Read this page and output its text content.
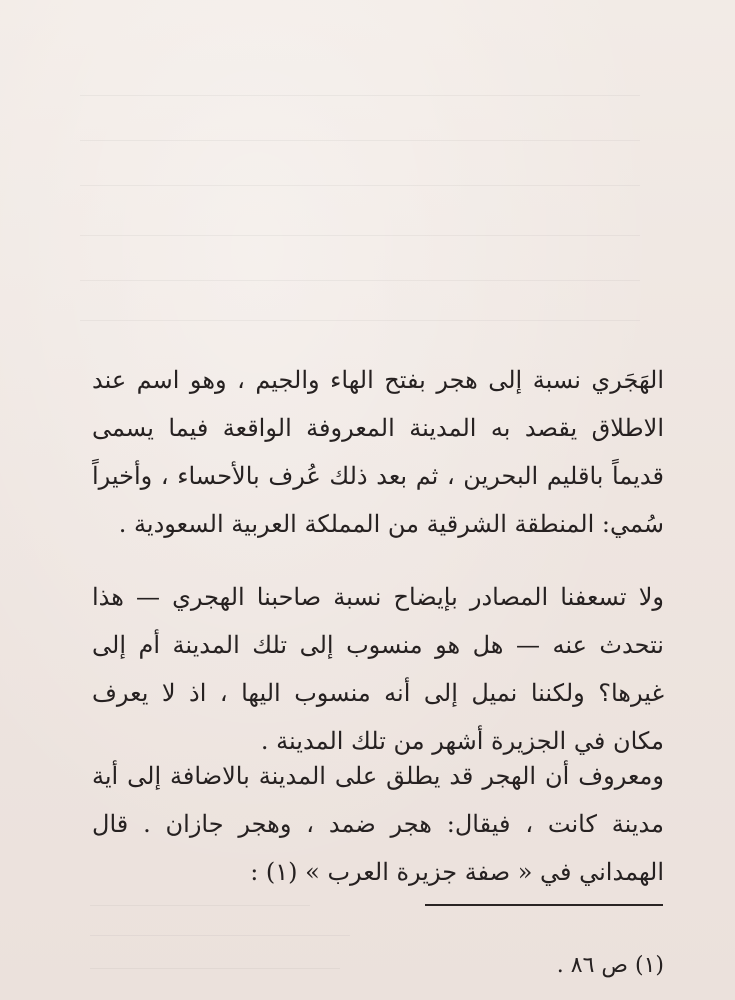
الهَجَري نسبة إلى هجر بفتح الهاء والجيم ، وهو اسم عند الاطلاق يقصد به المدينة المعروفة الواقعة فيما يسمى قديماً باقليم البحرين ، ثم بعد ذلك عُرف بالأحساء ، وأخيراً سُمي: المنطقة الشرقية من المملكة العربية السعودية .

ولا تسعفنا المصادر بإيضاح نسبة صاحبنا الهجري — هذا نتحدث عنه — هل هو منسوب إلى تلك المدينة أم إلى غيرها؟ ولكننا نميل إلى أنه منسوب اليها ، اذ لا يعرف مكان في الجزيرة أشهر من تلك المدينة .

ومعروف أن الهجر قد يطلق على المدينة بالاضافة إلى أية مدينة كانت ، فيقال: هجر ضمد ، وهجر جازان . قال الهمداني في « صفة جزيرة العرب » (١) :

(١) ص ٨٦ .
